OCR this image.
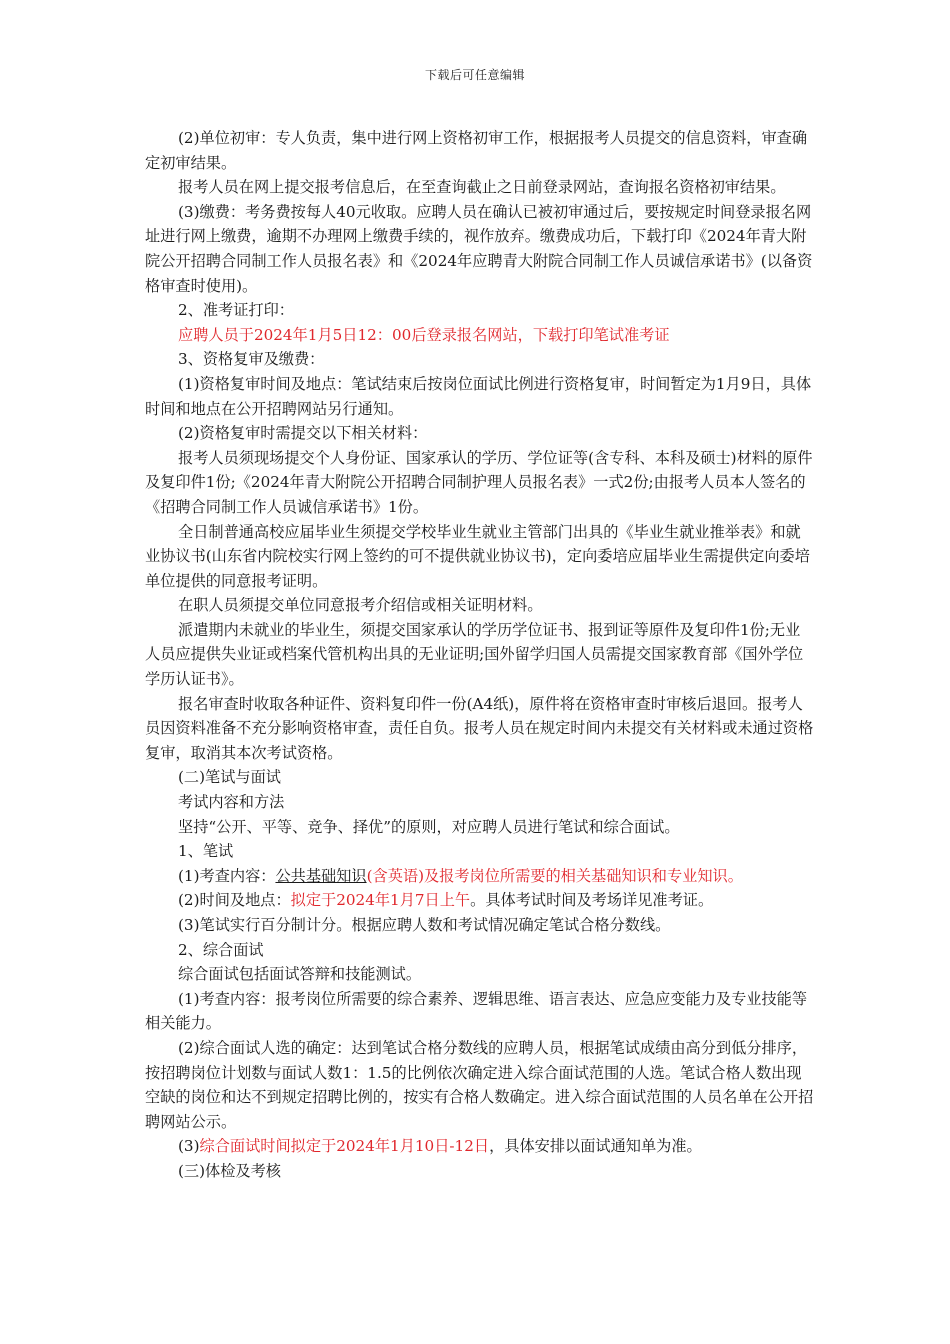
下载后可任意编辑

(2)单位初审：专人负责，集中进行网上资格初审工作，根据报考人员提交的信息资料，审查确定初审结果。

报考人员在网上提交报考信息后，在至查询截止之日前登录网站，查询报名资格初审结果。

(3)缴费：考务费按每人40元收取。应聘人员在确认已被初审通过后，要按规定时间登录报名网址进行网上缴费，逾期不办理网上缴费手续的，视作放弃。缴费成功后，下载打印《2024年青大附院公开招聘合同制工作人员报名表》和《2024年应聘青大附院合同制工作人员诚信承诺书》(以备资格审查时使用)。

2、准考证打印：

应聘人员于2024年1月5日12：00后登录报名网站，下载打印笔试准考证

3、资格复审及缴费：

(1)资格复审时间及地点：笔试结束后按岗位面试比例进行资格复审，时间暂定为1月9日，具体时间和地点在公开招聘网站另行通知。

(2)资格复审时需提交以下相关材料：

报考人员须现场提交个人身份证、国家承认的学历、学位证等(含专科、本科及硕士)材料的原件及复印件1份;《2024年青大附院公开招聘合同制护理人员报名表》一式2份;由报考人员本人签名的《招聘合同制工作人员诚信承诺书》1份。

全日制普通高校应届毕业生须提交学校毕业生就业主管部门出具的《毕业生就业推举表》和就业协议书(山东省内院校实行网上签约的可不提供就业协议书)，定向委培应届毕业生需提供定向委培单位提供的同意报考证明。

在职人员须提交单位同意报考介绍信或相关证明材料。

派遣期内未就业的毕业生，须提交国家承认的学历学位证书、报到证等原件及复印件1份;无业人员应提供失业证或档案代管机构出具的无业证明;国外留学归国人员需提交国家教育部《国外学位学历认证书》。

报名审查时收取各种证件、资料复印件一份(A4纸)，原件将在资格审查时审核后退回。报考人员因资料准备不充分影响资格审查，责任自负。报考人员在规定时间内未提交有关材料或未通过资格复审，取消其本次考试资格。

(二)笔试与面试

考试内容和方法

坚持“公开、平等、竞争、择优”的原则，对应聘人员进行笔试和综合面试。

1、笔试

(1)考查内容：公共基础知识(含英语)及报考岗位所需要的相关基础知识和专业知识。

(2)时间及地点：拟定于2024年1月7日上午。具体考试时间及考场详见准考证。

(3)笔试实行百分制计分。根据应聘人数和考试情况确定笔试合格分数线。

2、综合面试

综合面试包括面试答辩和技能测试。

(1)考查内容：报考岗位所需要的综合素养、逻辑思维、语言表达、应急应变能力及专业技能等相关能力。

(2)综合面试人选的确定：达到笔试合格分数线的应聘人员，根据笔试成绩由高分到低分排序，按招聘岗位计划数与面试人数1：1.5的比例依次确定进入综合面试范围的人选。笔试合格人数出现空缺的岗位和达不到规定招聘比例的，按实有合格人数确定。进入综合面试范围的人员名单在公开招聘网站公示。

(3)综合面试时间拟定于2024年1月10日-12日，具体安排以面试通知单为准。

(三)体检及考核
